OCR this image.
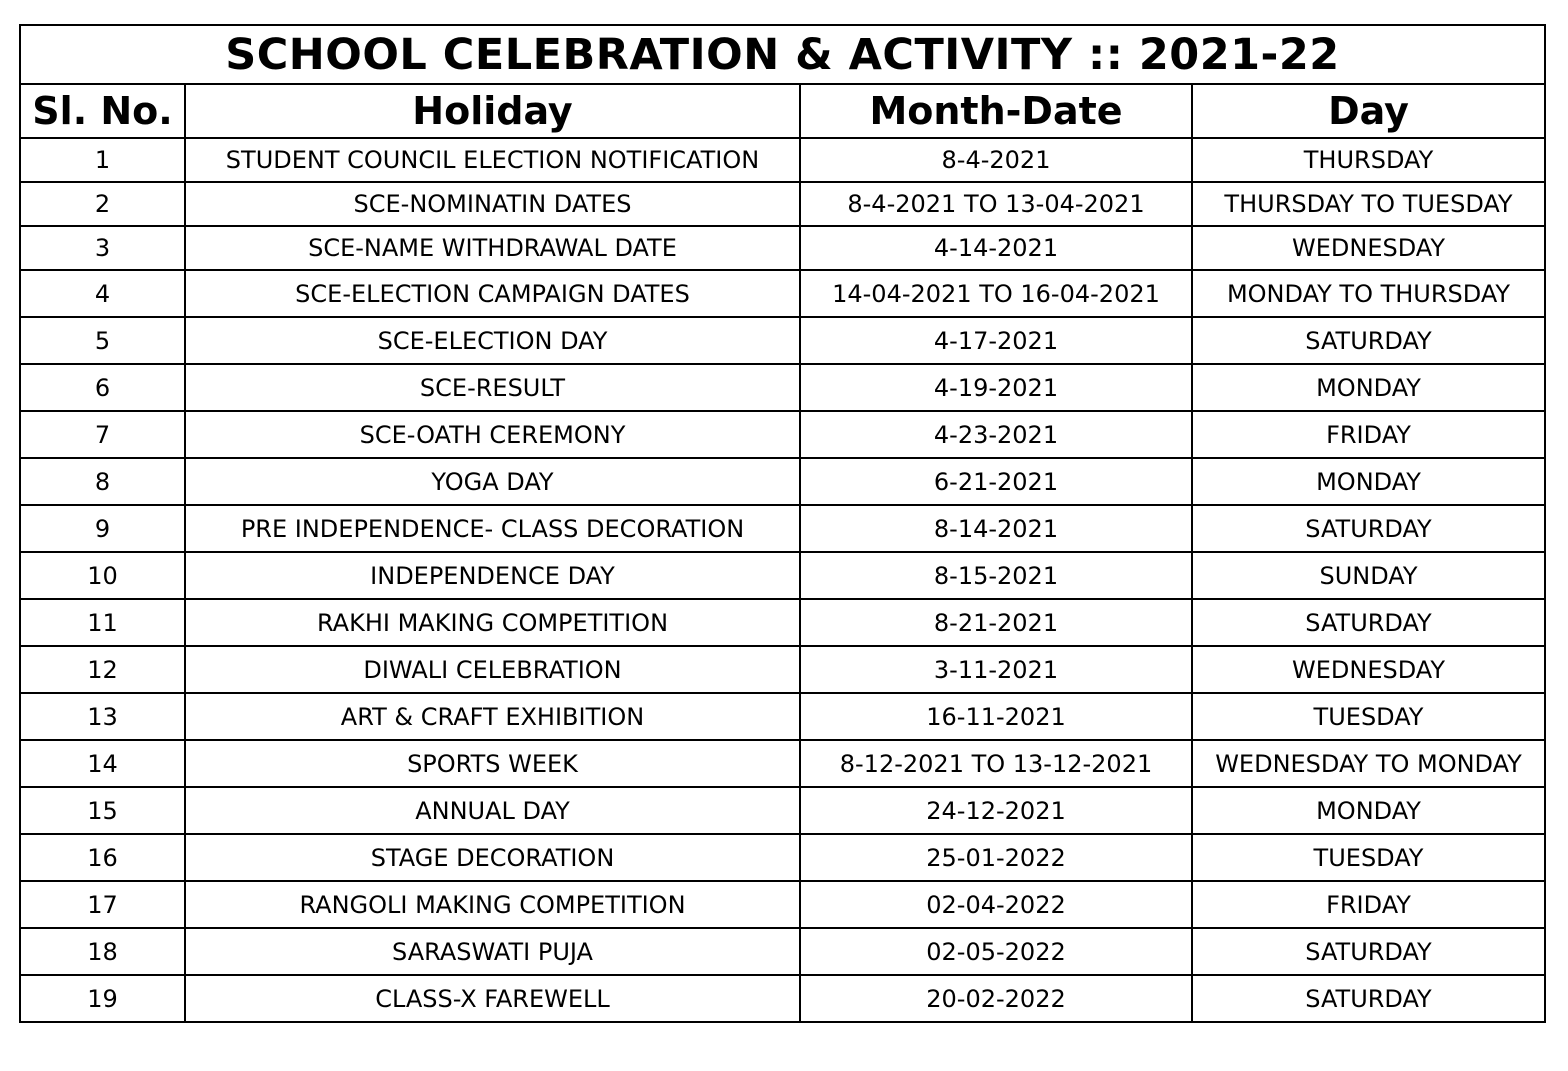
SCHOOL CELEBRATION & ACTIVITY :: 2021-22			
Sl. No.	Holiday	Month-Date	Day
1	STUDENT COUNCIL ELECTION NOTIFICATION	8-4-2021	THURSDAY
2	SCE-NOMINATIN DATES	8-4-2021 TO 13-04-2021	THURSDAY TO TUESDAY
3	SCE-NAME WITHDRAWAL DATE	4-14-2021	WEDNESDAY
4	SCE-ELECTION CAMPAIGN DATES	14-04-2021 TO 16-04-2021	MONDAY TO THURSDAY
5	SCE-ELECTION DAY	4-17-2021	SATURDAY
6	SCE-RESULT	4-19-2021	MONDAY
7	SCE-OATH CEREMONY	4-23-2021	FRIDAY
8	YOGA DAY	6-21-2021	MONDAY
9	PRE INDEPENDENCE- CLASS DECORATION	8-14-2021	SATURDAY
10	INDEPENDENCE DAY	8-15-2021	SUNDAY
11	RAKHI MAKING COMPETITION	8-21-2021	SATURDAY
12	DIWALI CELEBRATION	3-11-2021	WEDNESDAY
13	ART & CRAFT EXHIBITION	16-11-2021	TUESDAY
14	SPORTS WEEK	8-12-2021 TO 13-12-2021	WEDNESDAY TO MONDAY
15	ANNUAL DAY	24-12-2021	MONDAY
16	STAGE DECORATION	25-01-2022	TUESDAY
17	RANGOLI MAKING COMPETITION	02-04-2022	FRIDAY
18	SARASWATI PUJA	02-05-2022	SATURDAY
19	CLASS-X FAREWELL	20-02-2022	SATURDAY
